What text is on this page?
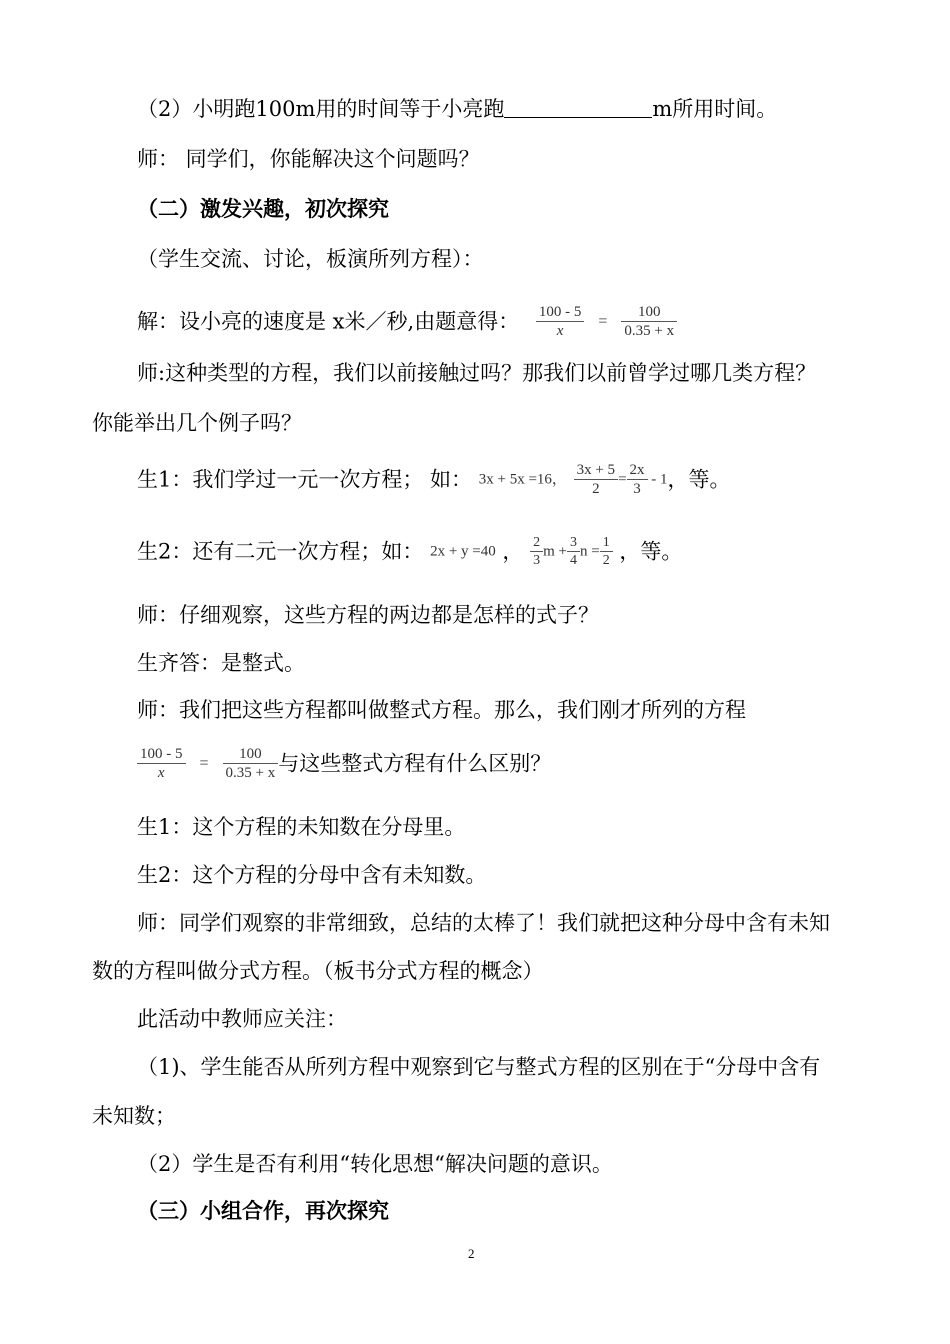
（2）小明跑100m用的时间等于小亮跑	m所用时间。
师： 同学们，你能解决这个问题吗？
（二）激发兴趣，初次探究
（学生交流、讨论，板演所列方程）：
解：设小亮的速度是 x米／秒,由题意得： $\frac{100 - 5}{x} = \frac{100}{0.35 + x}$
师:这种类型的方程，我们以前接触过吗？那我们以前曾学过哪几类方程？
你能举出几个例子吗？
生1：我们学过一元一次方程； 如： 3x + 5x =16， $\frac{3x + 5}{2} = \frac{2x}{3} - 1$，等。
生2：还有二元一次方程；如： 2x + y =40 ， $\frac{2}{3}$ $m + \frac{3}{4}$ $n = \frac{1}{2}$ ，等。
师：仔细观察，这些方程的两边都是怎样的式子？
生齐答：是整式。
师：我们把这些方程都叫做整式方程。那么，我们刚才所列的方程
$\frac{100 - 5}{x} = \frac{100}{0.35 + x}$ 与这些整式方程有什么区别？
生1：这个方程的未知数在分母里。
生2：这个方程的分母中含有未知数。
师：同学们观察的非常细致，总结的太棒了！我们就把这种分母中含有未知
数的方程叫做分式方程。（板书分式方程的概念）
此活动中教师应关注：
（1)、学生能否从所列方程中观察到它与整式方程的区别在于“分母中含有
未知数；
（2）学生是否有利用“转化思想“解决问题的意识。
（三）小组合作，再次探究
2
